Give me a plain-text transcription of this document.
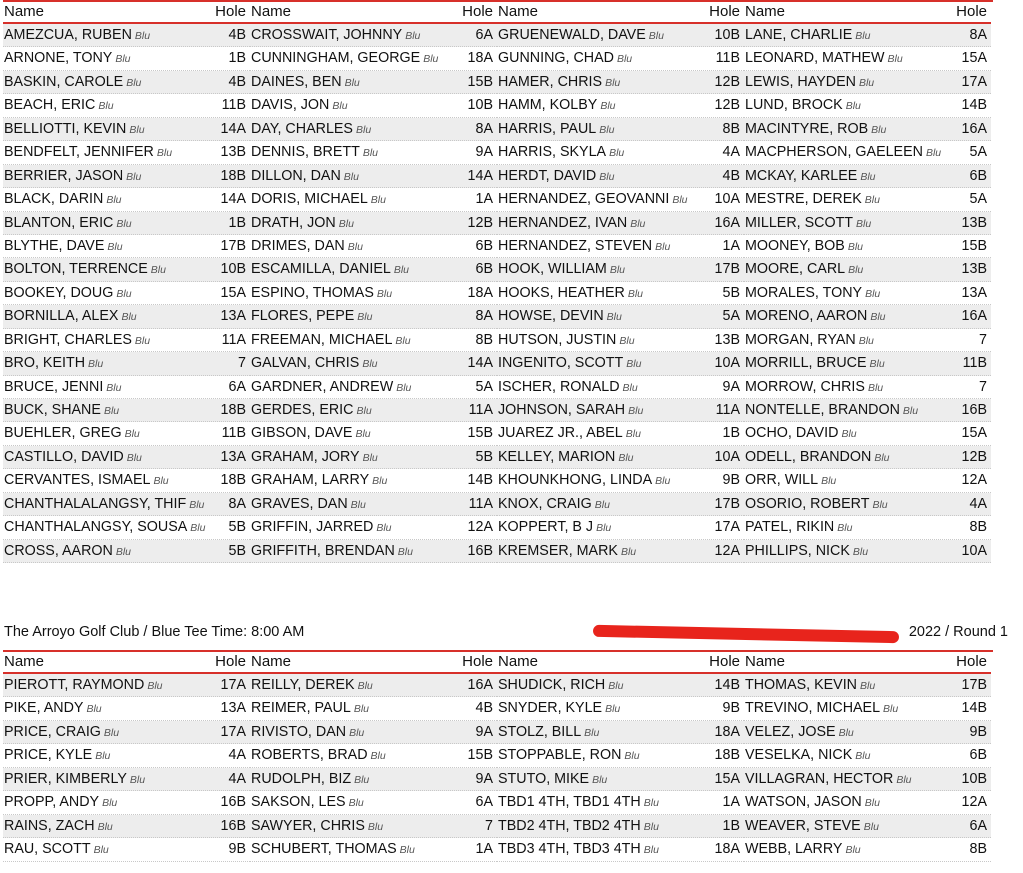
Name	Hole
AMEZCUA, RUBEN Blu	4B
ARNONE, TONY Blu	1B
BASKIN, CAROLE Blu	4B
BEACH, ERIC Blu	11B
BELLIOTTI, KEVIN Blu	14A
BENDFELT, JENNIFER Blu	13B
BERRIER, JASON Blu	18B
BLACK, DARIN Blu	14A
BLANTON, ERIC Blu	1B
BLYTHE, DAVE Blu	17B
BOLTON, TERRENCE Blu	10B
BOOKEY, DOUG Blu	15A
BORNILLA, ALEX Blu	13A
BRIGHT, CHARLES Blu	11A
BRO, KEITH Blu	7
BRUCE, JENNI Blu	6A
BUCK, SHANE Blu	18B
BUEHLER, GREG Blu	11B
CASTILLO, DAVID Blu	13A
CERVANTES, ISMAEL Blu	18B
CHANTHALALANGSY, THIF Blu	8A
CHANTHALANGSY, SOUSA Blu	5B
CROSS, AARON Blu	5B
Name	Hole
CROSSWAIT, JOHNNY Blu	6A
CUNNINGHAM, GEORGE Blu	18A
DAINES, BEN Blu	15B
DAVIS, JON Blu	10B
DAY, CHARLES Blu	8A
DENNIS, BRETT Blu	9A
DILLON, DAN Blu	14A
DORIS, MICHAEL Blu	1A
DRATH, JON Blu	12B
DRIMES, DAN Blu	6B
ESCAMILLA, DANIEL Blu	6B
ESPINO, THOMAS Blu	18A
FLORES, PEPE Blu	8A
FREEMAN, MICHAEL Blu	8B
GALVAN, CHRIS Blu	14A
GARDNER, ANDREW Blu	5A
GERDES, ERIC Blu	11A
GIBSON, DAVE Blu	15B
GRAHAM, JORY Blu	5B
GRAHAM, LARRY Blu	14B
GRAVES, DAN Blu	11A
GRIFFIN, JARRED Blu	12A
GRIFFITH, BRENDAN Blu	16B
Name	Hole
GRUENEWALD, DAVE Blu	10B
GUNNING, CHAD Blu	11B
HAMER, CHRIS Blu	12B
HAMM, KOLBY Blu	12B
HARRIS, PAUL Blu	8B
HARRIS, SKYLA Blu	4A
HERDT, DAVID Blu	4B
HERNANDEZ, GEOVANNI Blu	10A
HERNANDEZ, IVAN Blu	16A
HERNANDEZ, STEVEN Blu	1A
HOOK, WILLIAM Blu	17B
HOOKS, HEATHER Blu	5B
HOWSE, DEVIN Blu	5A
HUTSON, JUSTIN Blu	13B
INGENITO, SCOTT Blu	10A
ISCHER, RONALD Blu	9A
JOHNSON, SARAH Blu	11A
JUAREZ JR., ABEL Blu	1B
KELLEY, MARION Blu	10A
KHOUNKHONG, LINDA Blu	9B
KNOX, CRAIG Blu	17B
KOPPERT, B J Blu	17A
KREMSER, MARK Blu	12A
Name	Hole
LANE, CHARLIE Blu	8A
LEONARD, MATHEW Blu	15A
LEWIS, HAYDEN Blu	17A
LUND, BROCK Blu	14B
MACINTYRE, ROB Blu	16A
MACPHERSON, GAELEEN Blu	5A
MCKAY, KARLEE Blu	6B
MESTRE, DEREK Blu	5A
MILLER, SCOTT Blu	13B
MOONEY, BOB Blu	15B
MOORE, CARL Blu	13B
MORALES, TONY Blu	13A
MORENO, AARON Blu	16A
MORGAN, RYAN Blu	7
MORRILL, BRUCE Blu	11B
MORROW, CHRIS Blu	7
NONTELLE, BRANDON Blu	16B
OCHO, DAVID Blu	15A
ODELL, BRANDON Blu	12B
ORR, WILL Blu	12A
OSORIO, ROBERT Blu	4A
PATEL, RIKIN Blu	8B
PHILLIPS, NICK Blu	10A
The Arroyo Golf Club / Blue Tee Time: 8:00 AM	2022 / Round 1
Name	Hole
PIEROTT, RAYMOND Blu	17A
PIKE, ANDY Blu	13A
PRICE, CRAIG Blu	17A
PRICE, KYLE Blu	4A
PRIER, KIMBERLY Blu	4A
PROPP, ANDY Blu	16B
RAINS, ZACH Blu	16B
RAU, SCOTT Blu	9B
Name	Hole
REILLY, DEREK Blu	16A
REIMER, PAUL Blu	4B
RIVISTO, DAN Blu	9A
ROBERTS, BRAD Blu	15B
RUDOLPH, BIZ Blu	9A
SAKSON, LES Blu	6A
SAWYER, CHRIS Blu	7
SCHUBERT, THOMAS Blu	1A
Name	Hole
SHUDICK, RICH Blu	14B
SNYDER, KYLE Blu	9B
STOLZ, BILL Blu	18A
STOPPABLE, RON Blu	18B
STUTO, MIKE Blu	15A
TBD1 4TH, TBD1 4TH Blu	1A
TBD2 4TH, TBD2 4TH Blu	1B
TBD3 4TH, TBD3 4TH Blu	18A
Name	Hole
THOMAS, KEVIN Blu	17B
TREVINO, MICHAEL Blu	14B
VELEZ, JOSE Blu	9B
VESELKA, NICK Blu	6B
VILLAGRAN, HECTOR Blu	10B
WATSON, JASON Blu	12A
WEAVER, STEVE Blu	6A
WEBB, LARRY Blu	8B
